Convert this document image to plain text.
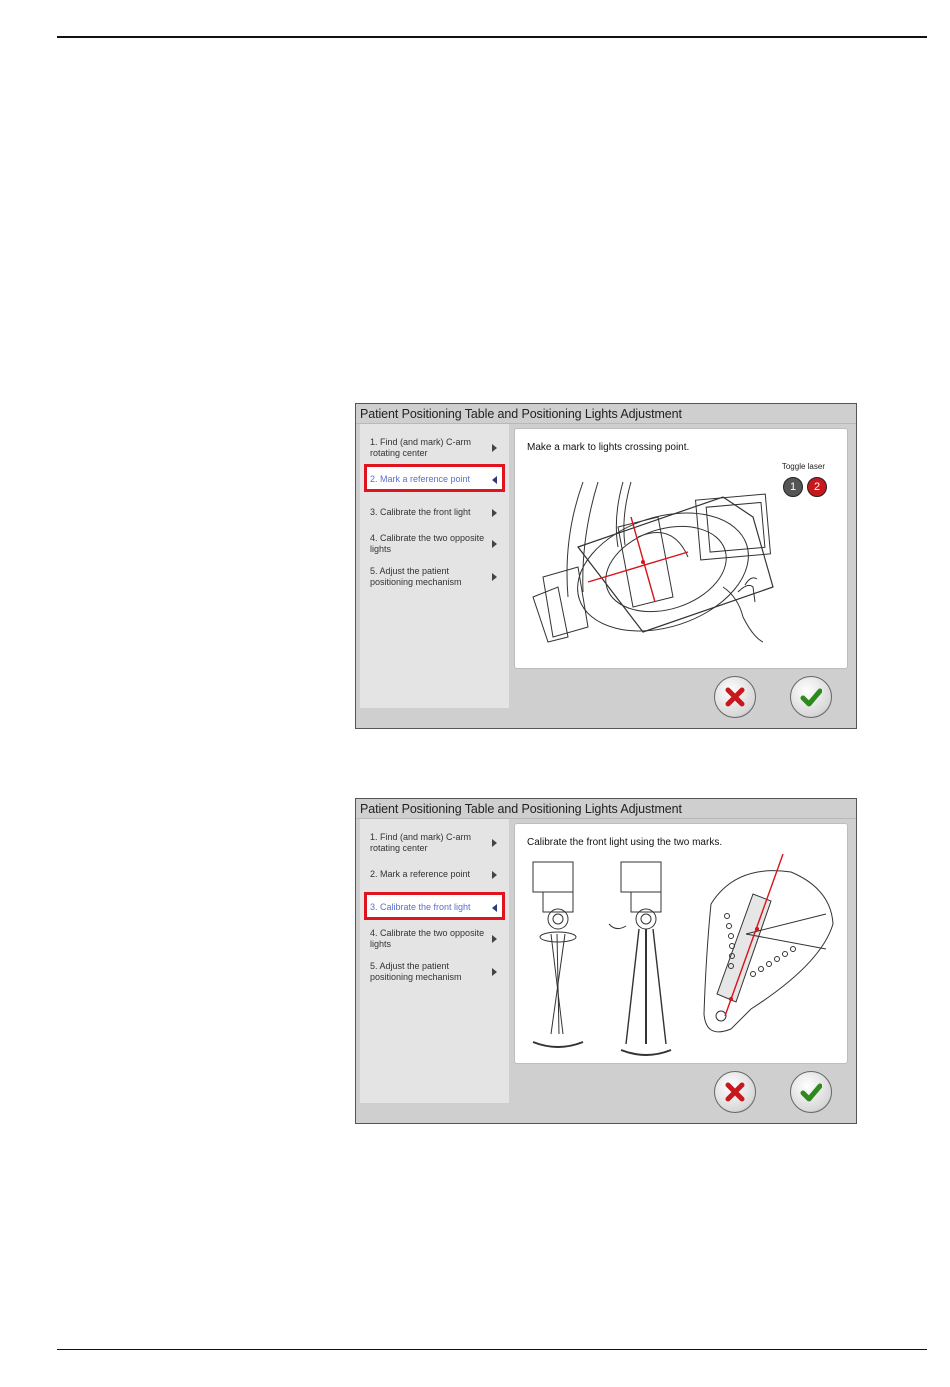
Patient Positioning Table and Positioning Lights Adjustment
1. Find (and mark) C-arm rotating center
2. Mark a reference point
3. Calibrate the front light
4. Calibrate the two opposite lights
5. Adjust the patient positioning mechanism
Make a mark to lights crossing point.
Toggle laser
1	2
Patient Positioning Table and Positioning Lights Adjustment
1. Find (and mark) C-arm rotating center
2. Mark a reference point
3. Calibrate the front light
4. Calibrate the two opposite lights
5. Adjust the patient positioning mechanism
Calibrate the front light using the two marks.
